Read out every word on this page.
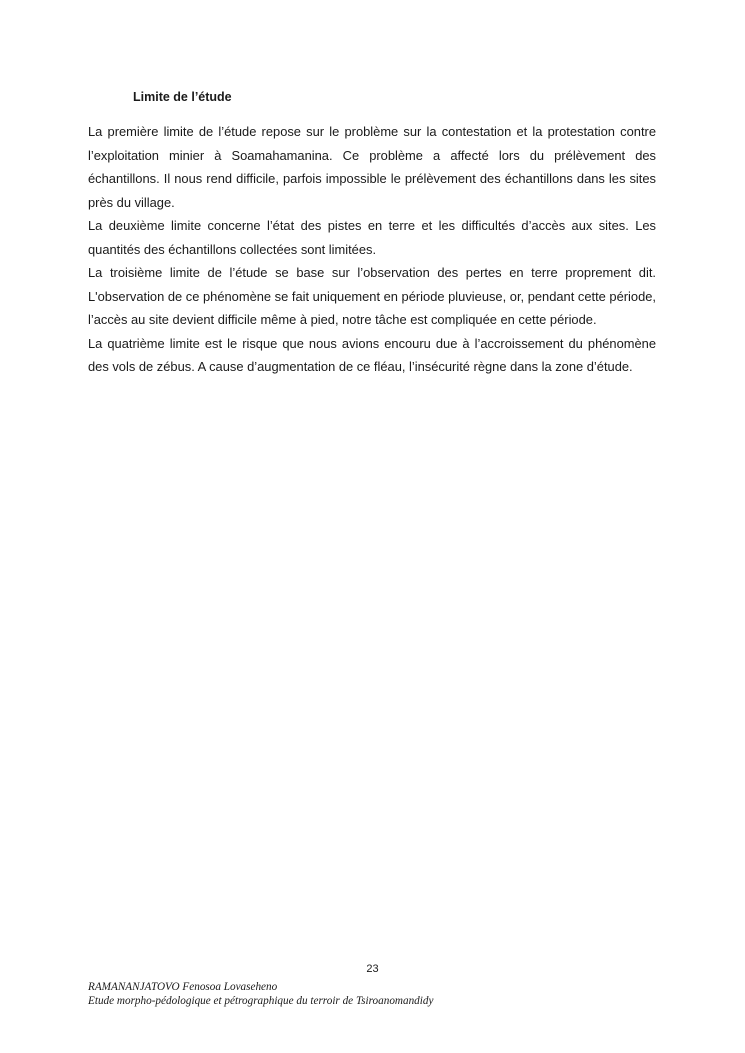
Limite de l’étude

La première limite de l’étude repose sur le problème sur la contestation et la protestation contre l’exploitation minier à Soamahamanina. Ce problème a affecté lors du prélèvement des échantillons. Il nous rend difficile, parfois impossible le prélèvement des échantillons dans les sites près du village.

La deuxième limite concerne l’état des pistes en terre et les difficultés d’accès aux sites. Les quantités des échantillons collectées sont limitées.

La troisième limite de l’étude se base sur l’observation des pertes en terre proprement dit. L'observation de ce phénomène se fait uniquement en période pluvieuse, or, pendant cette période, l’accès au site devient difficile même à pied, notre tâche est compliquée en cette période.

La quatrième limite est le risque que nous avions encouru due à l’accroissement du phénomène des vols de zébus. A cause d’augmentation de ce fléau, l’insécurité règne dans la zone d’étude.

23
RAMANANJATOVO Fenosoa Lovaseheno
Etude morpho-pédologique et pétrographique du terroir de Tsiroanomandidy
